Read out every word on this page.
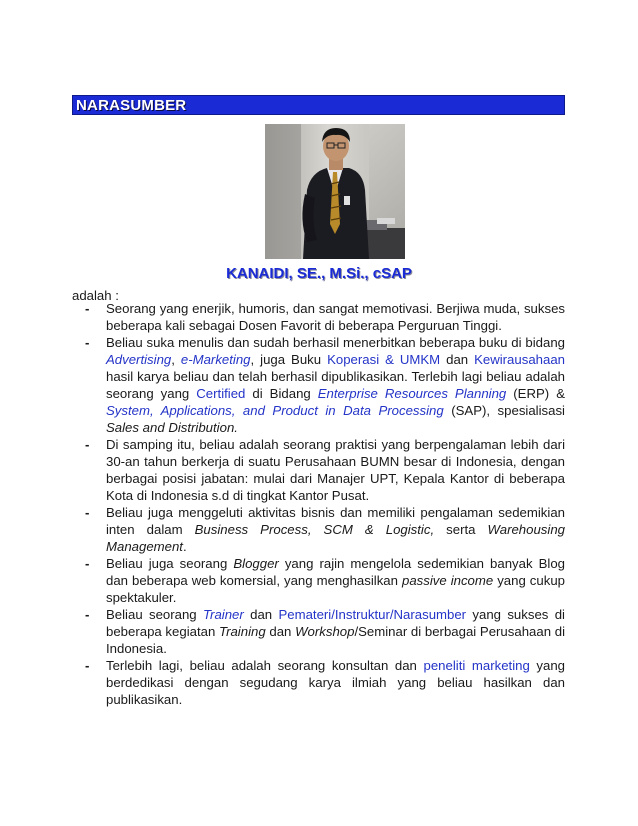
NARASUMBER
KANAIDI, SE., M.Si., cSAP
adalah :
- Seorang yang enerjik, humoris, dan sangat memotivasi. Berjiwa muda, sukses beberapa kali sebagai Dosen Favorit di beberapa Perguruan Tinggi.
- Beliau suka menulis dan sudah berhasil menerbitkan beberapa buku di bidang Advertising, e-Marketing, juga Buku Koperasi & UMKM dan Kewirausahaan hasil karya beliau dan telah berhasil dipublikasikan. Terlebih lagi beliau adalah seorang yang Certified di Bidang Enterprise Resources Planning (ERP) & System, Applications, and Product in Data Processing (SAP), spesialisasi Sales and Distribution.
- Di samping itu, beliau adalah seorang praktisi yang berpengalaman lebih dari 30-an tahun berkerja di suatu Perusahaan BUMN besar di Indonesia, dengan berbagai posisi jabatan: mulai dari Manajer UPT, Kepala Kantor di beberapa Kota di Indonesia s.d di tingkat Kantor Pusat.
- Beliau juga menggeluti aktivitas bisnis dan memiliki pengalaman sedemikian inten dalam Business Process, SCM & Logistic, serta Warehousing Management.
- Beliau juga seorang Blogger yang rajin mengelola sedemikian banyak Blog dan beberapa web komersial, yang menghasilkan passive income yang cukup spektakuler.
- Beliau seorang Trainer dan Pemateri/Instruktur/Narasumber yang sukses di beberapa kegiatan Training dan Workshop/Seminar di berbagai Perusahaan di Indonesia.
- Terlebih lagi, beliau adalah seorang konsultan dan peneliti marketing yang berdedikasi dengan segudang karya ilmiah yang beliau hasilkan dan publikasikan.
